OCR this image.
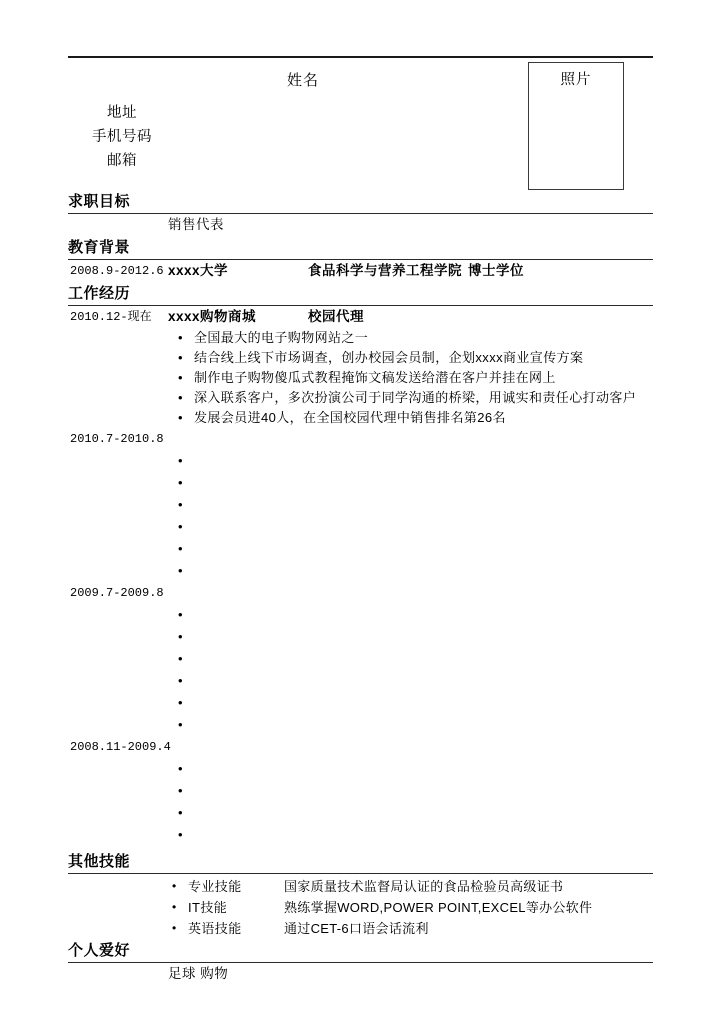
姓名
地址
手机号码
邮箱
照片
求职目标
销售代表
教育背景
2008.9-2012.6 xxxx大学	食品科学与营养工程学院 博士学位
工作经历
2010.12-现在 xxxx购物商城	校园代理
• 全国最大的电子购物网站之一
• 结合线上线下市场调查，创办校园会员制，企划xxxx商业宣传方案
• 制作电子购物傻瓜式教程掩饰文稿发送给潜在客户并挂在网上
• 深入联系客户，多次扮演公司于同学沟通的桥梁，用诚实和责任心打动客户
• 发展会员进40人，在全国校园代理中销售排名第26名
2010.7-2010.8
•
•
•
•
•
•
2009.7-2009.8
•
•
•
•
•
•
2008.11-2009.4
•
•
•
•
其他技能
• 专业技能	国家质量技术监督局认证的食品检验员高级证书
• IT技能	熟练掌握WORD,POWER POINT,EXCEL等办公软件
• 英语技能	通过CET-6口语会话流利
个人爱好
足球 购物
